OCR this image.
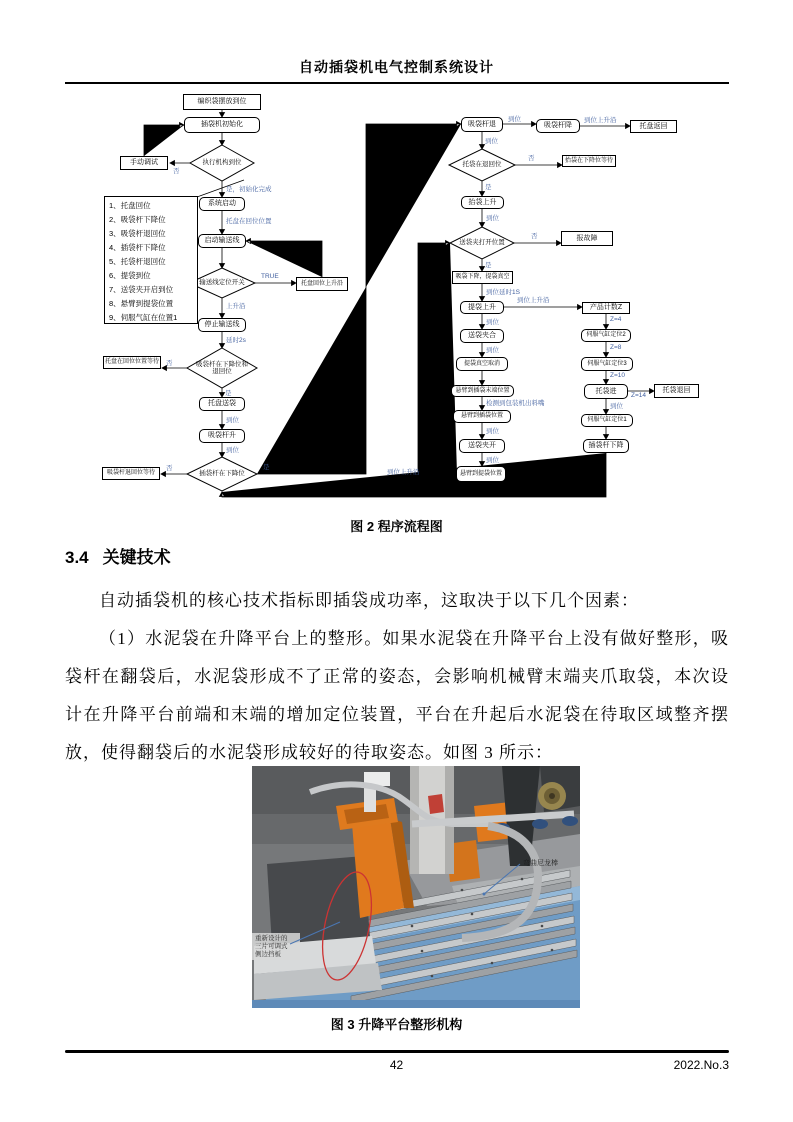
自动插袋机电气控制系统设计
编织袋摆放到位
插袋机初始化
手动调试
系统启动
启动输送线
托盘回位上升沿
停止输送线
托盘在回位位置等待
托盘送袋
吸袋杆升
吸袋杆退回位等待
吸袋杆退	吸袋杆降	托盘返回
抬袋在下降位等待
抬袋上升
报故障
吸袋下降，提袋真空
提袋上升	产品计数Z
送袋夹合	伺服气缸定位2
提袋真空取消	伺服气缸定位3
悬臂到插袋末端位置	托袋进	托袋退回
悬臂到插袋位置
伺服气缸定位1
送袋夹开	插袋杆下降
悬臂到提袋位置
1、托盘回位
2、吸袋杆下降位
3、吸袋杆退回位
4、插袋杆下降位
5、托袋杆退回位
6、提袋到位
7、送袋夹开启到位
8、悬臂到提袋位置
9、伺服气缸在位置1
执行机构到位
输送线定位开关
吸袋杆在下降位和
退回位
插袋杆在下降位
托袋在退回位
送袋夹打开位置
否
是，初始化完成
托盘在回位位置
TRUE
上升沿
延时2s
否
是
到位
到位
否	是
到位	到位上升沿
到位
否
是
到位
否
是
到位延时1S
到位上升沿
到位	Z=4
到位	Z=8
Z=10
检测到包装机出料嘴
Z=14
到位
到位
到位
到位上升沿
图 2 程序流程图
3.4 关键技术
自动插袋机的核心技术指标即插袋成功率，这取决于以下几个因素：
（1）水泥袋在升降平台上的整形。如果水泥袋在升降平台上没有做好整形，吸袋杆在翻袋后，水泥袋形成不了正常的姿态，会影响机械臂末端夹爪取袋，本次设计在升降平台前端和末端的增加定位装置，平台在升起后水泥袋在待取区域整齐摆放，使得翻袋后的水泥袋形成较好的待取姿态。如图 3 所示：
弯曲尼龙棒
重新设计的
三片可调式
侧边挡板
图 3 升降平台整形机构
42	2022.No.3
